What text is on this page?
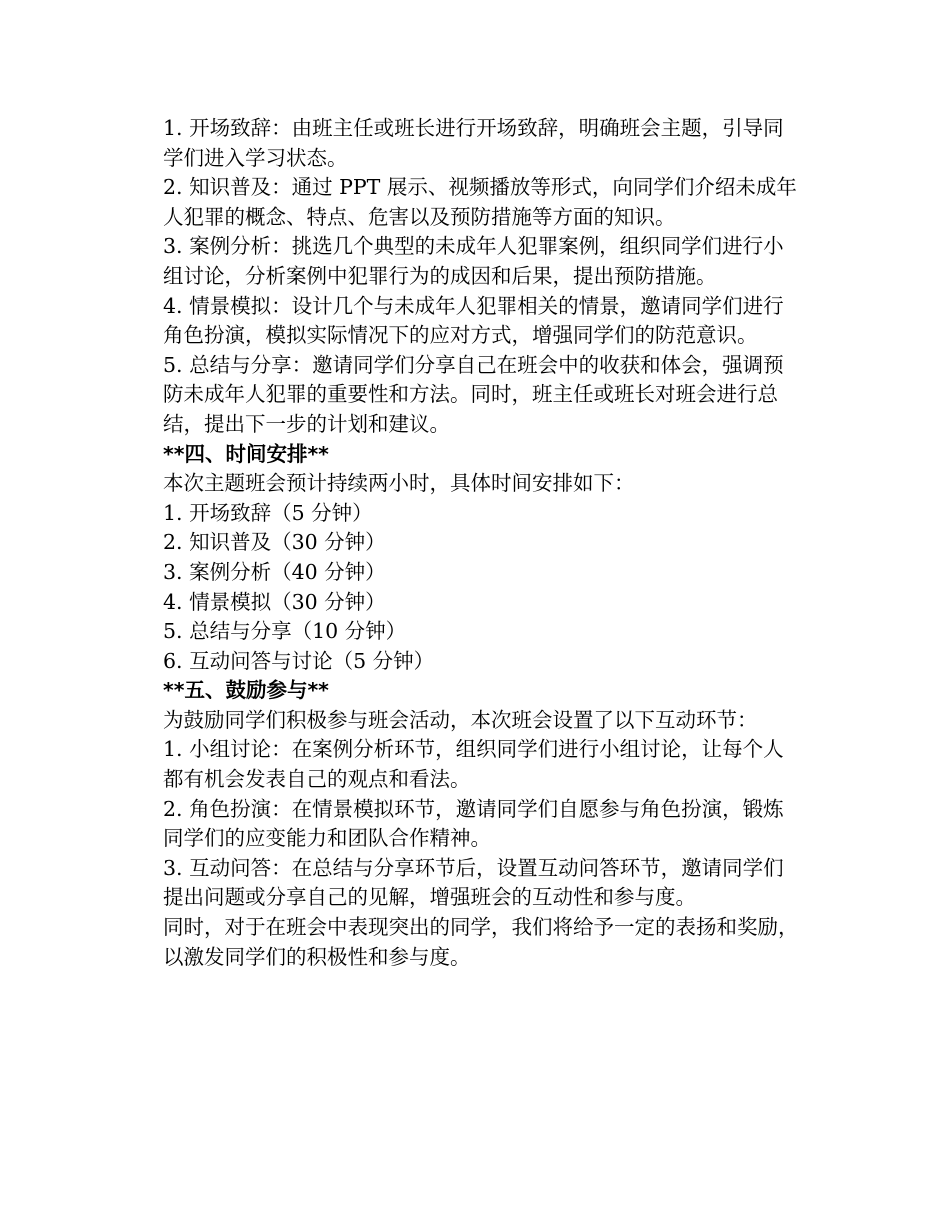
1. 开场致辞：由班主任或班长进行开场致辞，明确班会主题，引导同学们进入学习状态。

2. 知识普及：通过 PPT 展示、视频播放等形式，向同学们介绍未成年人犯罪的概念、特点、危害以及预防措施等方面的知识。

3. 案例分析：挑选几个典型的未成年人犯罪案例，组织同学们进行小组讨论，分析案例中犯罪行为的成因和后果，提出预防措施。

4. 情景模拟：设计几个与未成年人犯罪相关的情景，邀请同学们进行角色扮演，模拟实际情况下的应对方式，增强同学们的防范意识。

5. 总结与分享：邀请同学们分享自己在班会中的收获和体会，强调预防未成年人犯罪的重要性和方法。同时，班主任或班长对班会进行总结，提出下一步的计划和建议。

**四、时间安排**

本次主题班会预计持续两小时，具体时间安排如下：

1. 开场致辞（5 分钟）

2. 知识普及（30 分钟）

3. 案例分析（40 分钟）

4. 情景模拟（30 分钟）

5. 总结与分享（10 分钟）

6. 互动问答与讨论（5 分钟）

**五、鼓励参与**

为鼓励同学们积极参与班会活动，本次班会设置了以下互动环节：

1. 小组讨论：在案例分析环节，组织同学们进行小组讨论，让每个人都有机会发表自己的观点和看法。

2. 角色扮演：在情景模拟环节，邀请同学们自愿参与角色扮演，锻炼同学们的应变能力和团队合作精神。

3. 互动问答：在总结与分享环节后，设置互动问答环节，邀请同学们提出问题或分享自己的见解，增强班会的互动性和参与度。

同时，对于在班会中表现突出的同学，我们将给予一定的表扬和奖励，以激发同学们的积极性和参与度。
